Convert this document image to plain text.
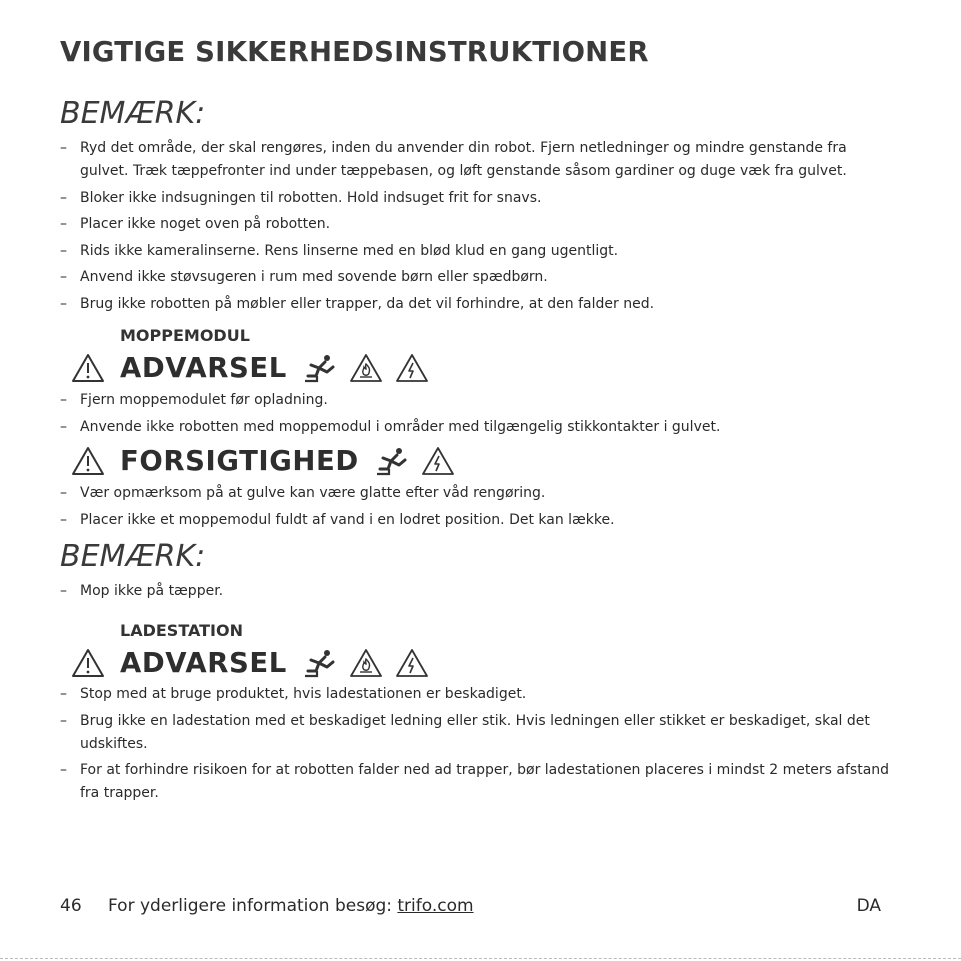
VIGTIGE SIKKERHEDSINSTRUKTIONER
BEMÆRK:
– Ryd det område, der skal rengøres, inden du anvender din robot. Fjern netledninger og mindre genstande fra gulvet. Træk tæppefronter ind under tæppebasen, og løft genstande såsom gardiner og duge væk fra gulvet.
– Bloker ikke indsugningen til robotten. Hold indsuget frit for snavs.
– Placer ikke noget oven på robotten.
– Rids ikke kameralinserne. Rens linserne med en blød klud en gang ugentligt.
– Anvend ikke støvsugeren i rum med sovende børn eller spædbørn.
– Brug ikke robotten på møbler eller trapper, da det vil forhindre, at den falder ned.
MOPPEMODUL
ADVARSEL
– Fjern moppemodulet før opladning.
– Anvende ikke robotten med moppemodul i områder med tilgængelig stikkontakter i gulvet.
FORSIGTIGHED
– Vær opmærksom på at gulve kan være glatte efter våd rengøring.
– Placer ikke et moppemodul fuldt af vand i en lodret position. Det kan lække.
BEMÆRK:
– Mop ikke på tæpper.
LADESTATION
ADVARSEL
– Stop med at bruge produktet, hvis ladestationen er beskadiget.
– Brug ikke en ladestation med et beskadiget ledning eller stik. Hvis ledningen eller stikket er beskadiget, skal det udskiftes.
– For at forhindre risikoen for at robotten falder ned ad trapper, bør ladestationen placeres i mindst 2 meters afstand fra trapper.
46 For yderligere information besøg: trifo.com	DA
